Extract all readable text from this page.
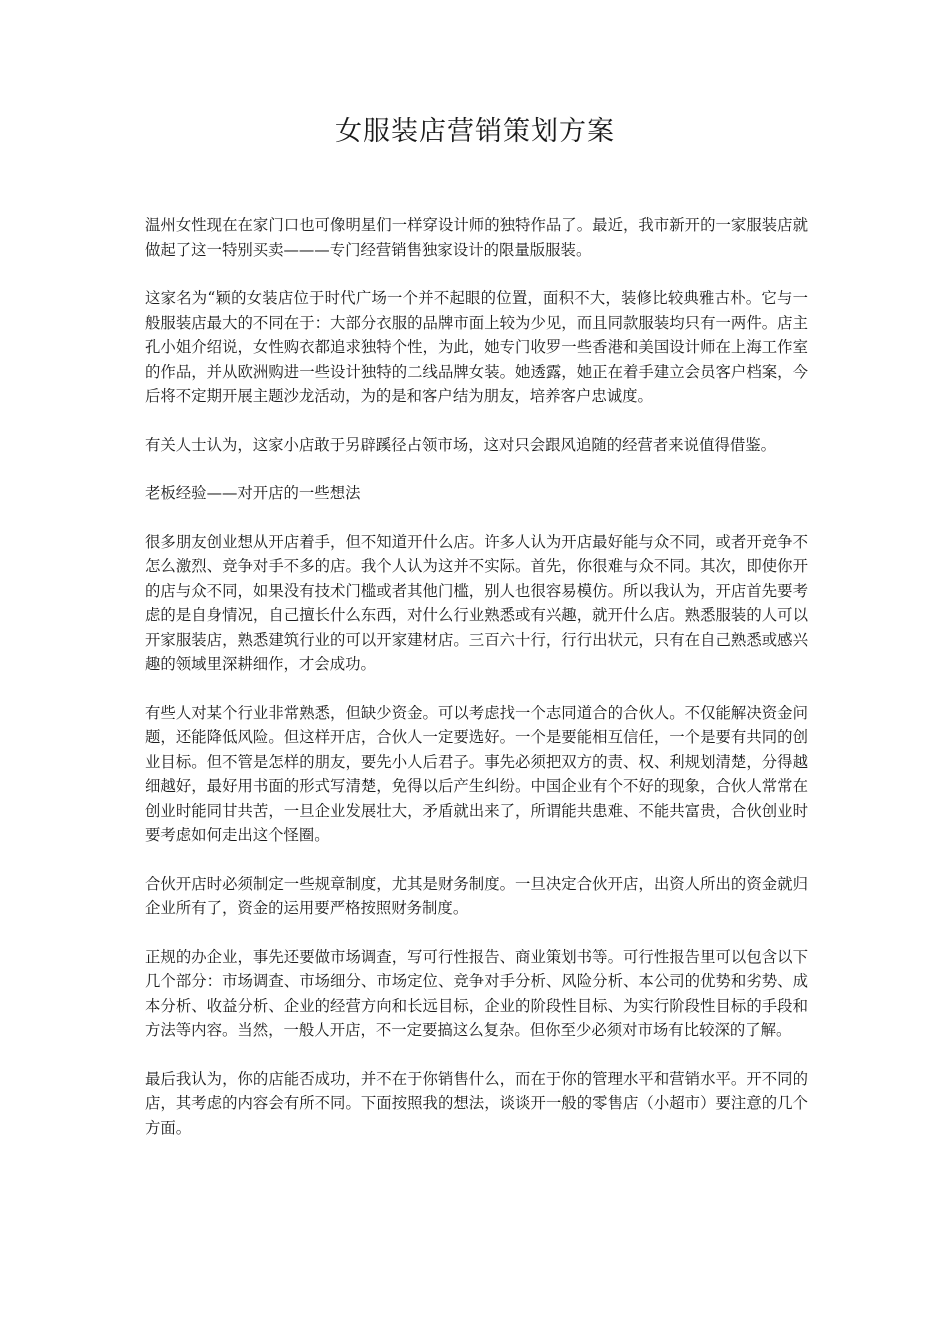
女服装店营销策划方案

温州女性现在在家门口也可像明星们一样穿设计师的独特作品了。最近，我市新开的一家服装店就做起了这一特别买卖———专门经营销售独家设计的限量版服装。

这家名为“颖的女装店位于时代广场一个并不起眼的位置，面积不大，装修比较典雅古朴。它与一般服装店最大的不同在于：大部分衣服的品牌市面上较为少见，而且同款服装均只有一两件。店主孔小姐介绍说，女性购衣都追求独特个性，为此，她专门收罗一些香港和美国设计师在上海工作室的作品，并从欧洲购进一些设计独特的二线品牌女装。她透露，她正在着手建立会员客户档案，今后将不定期开展主题沙龙活动，为的是和客户结为朋友，培养客户忠诚度。

有关人士认为，这家小店敢于另辟蹊径占领市场，这对只会跟风追随的经营者来说值得借鉴。

老板经验——对开店的一些想法

很多朋友创业想从开店着手，但不知道开什么店。许多人认为开店最好能与众不同，或者开竞争不怎么激烈、竞争对手不多的店。我个人认为这并不实际。首先，你很难与众不同。其次，即使你开的店与众不同，如果没有技术门槛或者其他门槛，别人也很容易模仿。所以我认为，开店首先要考虑的是自身情况，自己擅长什么东西，对什么行业熟悉或有兴趣，就开什么店。熟悉服装的人可以开家服装店，熟悉建筑行业的可以开家建材店。三百六十行，行行出状元，只有在自己熟悉或感兴趣的领域里深耕细作，才会成功。

有些人对某个行业非常熟悉，但缺少资金。可以考虑找一个志同道合的合伙人。不仅能解决资金问题，还能降低风险。但这样开店，合伙人一定要选好。一个是要能相互信任，一个是要有共同的创业目标。但不管是怎样的朋友，要先小人后君子。事先必须把双方的责、权、利规划清楚，分得越细越好，最好用书面的形式写清楚，免得以后产生纠纷。中国企业有个不好的现象，合伙人常常在创业时能同甘共苦，一旦企业发展壮大，矛盾就出来了，所谓能共患难、不能共富贵，合伙创业时要考虑如何走出这个怪圈。

合伙开店时必须制定一些规章制度，尤其是财务制度。一旦决定合伙开店，出资人所出的资金就归企业所有了，资金的运用要严格按照财务制度。

正规的办企业，事先还要做市场调查，写可行性报告、商业策划书等。可行性报告里可以包含以下几个部分：市场调查、市场细分、市场定位、竞争对手分析、风险分析、本公司的优势和劣势、成本分析、收益分析、企业的经营方向和长远目标，企业的阶段性目标、为实行阶段性目标的手段和方法等内容。当然，一般人开店，不一定要搞这么复杂。但你至少必须对市场有比较深的了解。

最后我认为，你的店能否成功，并不在于你销售什么，而在于你的管理水平和营销水平。开不同的店，其考虑的内容会有所不同。下面按照我的想法，谈谈开一般的零售店（小超市）要注意的几个方面。
